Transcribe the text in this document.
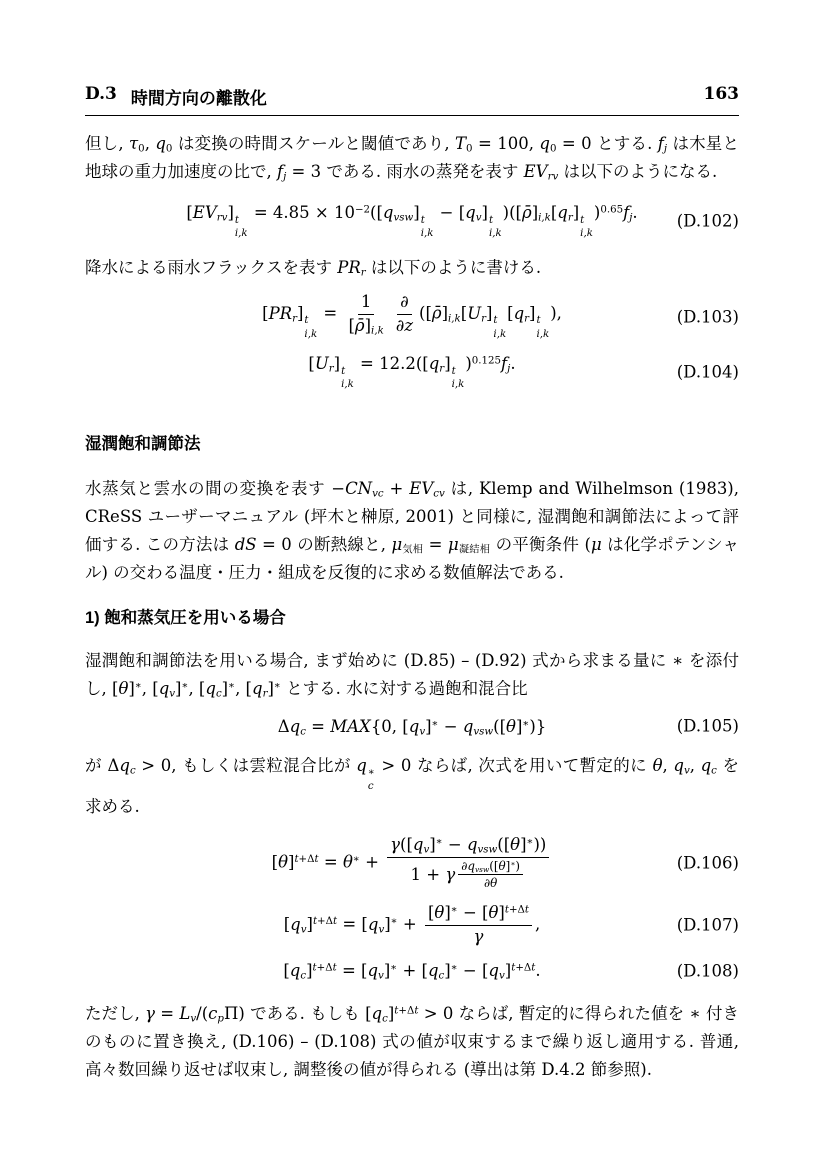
D.3 時間方向の離散化	163

但し, $\tau_0$, $q_0$ は変換の時間スケールと閾値であり, $T_0 = 100$, $q_0 = 0$ とする. $f_j$ は木星と地球の重力加速度の比で, $f_j = 3$ である. 雨水の蒸発を表す $EV_{rv}$ は以下のようになる.

$[EV_{rv}]$ t
i,k
= $4.85 \times 10^{-2}([q_{vsw}]$ t
i,k
− $[q_v]$ t
i,k
)($[\rhō]_{i,k}[q_r]$ t
i,k
)$^{0.65}f_j$. (D.102)

降水による雨水フラックスを表す $PR_r$ は以下のように書ける.

$[PR_r]$ t
i,k
= $\frac{1}{[\rhō]_{i,k}}$ ∂
∂z
($[\rhō]_{i,k}[U_r]$ t
i,k
$[q_r]$ t
i,k
),	(D.103)
$[U_r]$ t
i,k
= $12.2([q_r]$ t
i,k
)$^{0.125}f_j$.	(D.104)
湿潤飽和調節法

水蒸気と雲水の間の変換を表す $-CN_{vc} + EV_{cv}$ は, Klemp and Wilhelmson (1983), CReSS ユーザーマニュアル (坪木と榊原, 2001) と同様に, 湿潤飽和調節法によって評価する. この方法は dS = 0 の断熱線と, $\mu_{気相} = \mu_{凝結相}$ の平衡条件 (μ は化学ポテンシャル) の交わる温度・圧力・組成を反復的に求める数値解法である.

1) 飽和蒸気圧を用いる場合

湿潤飽和調節法を用いる場合, まず始めに (D.85) – (D.92) 式から求まる量に ∗ を添付し, [θ]∗, $[q_v]^∗$, $[q_c]^∗$, $[q_r]^∗$ とする. 水に対する過飽和混合比

$\Delta q_c = MAX\{0$, $[q_v]^∗ - q_{vsw}([\theta]^∗)$}	(D.105)

が $\Delta q_c > 0$, もしくは雲粒混合比が q ∗
c
> 0 ならば, 次式を用いて暫定的に θ, $q_v$, $q_c$ を求める.

$[\theta]^{t+\Delta t} = \theta^∗$ +
$\gamma([q_v]^∗ - q_{vsw}([\theta]^∗))$
1 + γ $\partial q_{vsw}([\theta]^∗)$
∂θ
(D.106)
$[q_v]^{t+\Delta t} = [q_v]^∗ + \frac{[\theta]^∗ - [\theta]^{t+\Delta t}}{\gamma}$ ,	(D.107)
$[q_c]^{t+\Delta t} = [q_v]^∗ + [q_c]^∗ - [q_v]^{t+\Delta t}$.	(D.108)

ただし, $\gamma = L_v/(c_p\Pi)$ である. もしも $[q_c]^{t+\Delta t} > 0$ ならば, 暫定的に得られた値を ∗ 付きのものに置き換え, (D.106) – (D.108) 式の値が収束するまで繰り返し適用する. 普通, 高々数回繰り返せば収束し, 調整後の値が得られる (導出は第 D.4.2 節参照).
